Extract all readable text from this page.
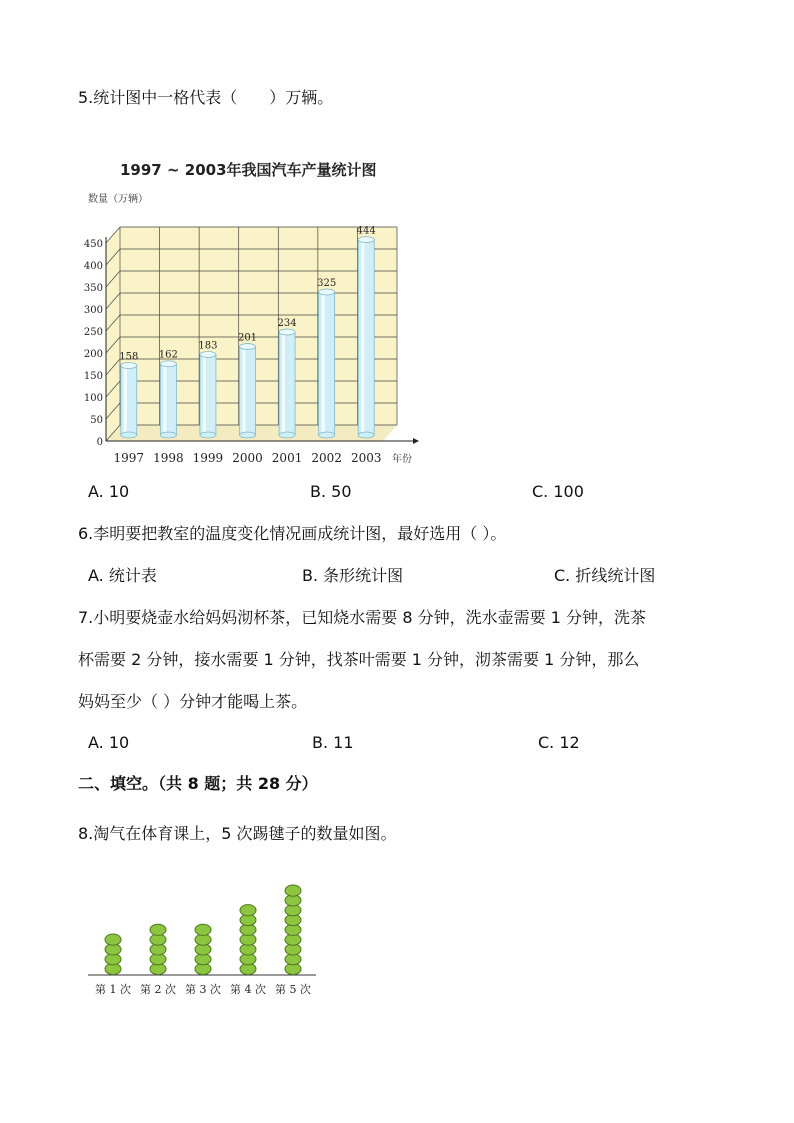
5.统计图中一格代表（　　）万辆。
1997 ~ 2003年我国汽车产量统计图
数量（万辆）
0
50
100
150
200
250
300
350
400
450
158 162
183
201
234
325
444
1997 1998 1999 2000 2001 2002 2003 年份
A. 10	B. 50	C. 100
6.李明要把教室的温度变化情况画成统计图，最好选用（ ）。
A. 统计表	B. 条形统计图	C. 折线统计图
7.小明要烧壶水给妈妈沏杯茶，已知烧水需要 8 分钟，洗水壶需要 1 分钟，洗茶
杯需要 2 分钟，接水需要 1 分钟，找茶叶需要 1 分钟，沏茶需要 1 分钟，那么
妈妈至少（ ）分钟才能喝上茶。
A. 10	B. 11	C. 12
二、填空。（共 8 题；共 28 分）
8.淘气在体育课上，5 次踢毽子的数量如图。
第 1 次 第 2 次 第 3 次 第 4 次 第 5 次
